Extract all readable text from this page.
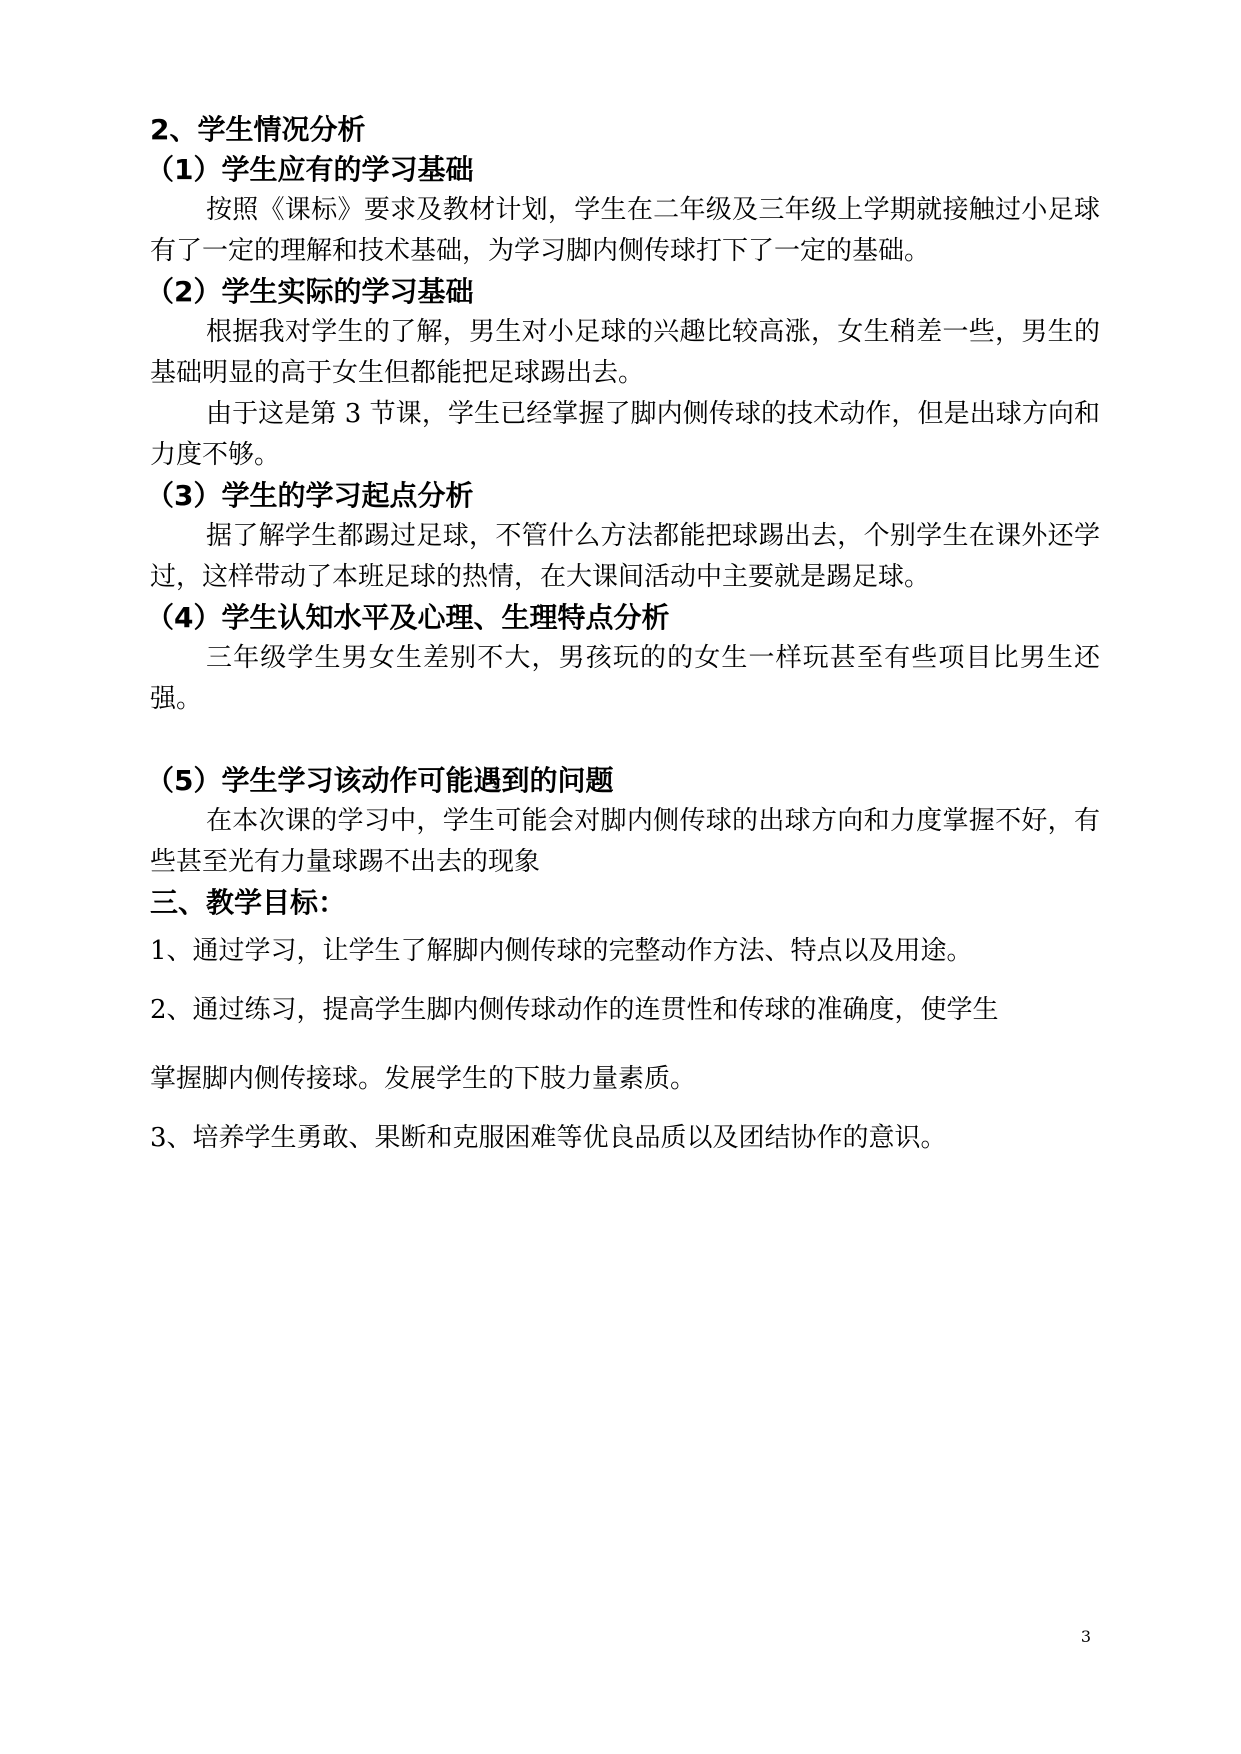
2、学生情况分析

（1）学生应有的学习基础

按照《课标》要求及教材计划，学生在二年级及三年级上学期就接触过小足球有了一定的理解和技术基础，为学习脚内侧传球打下了一定的基础。

（2）学生实际的学习基础

根据我对学生的了解，男生对小足球的兴趣比较高涨，女生稍差一些，男生的基础明显的高于女生但都能把足球踢出去。

由于这是第 3 节课，学生已经掌握了脚内侧传球的技术动作，但是出球方向和力度不够。

（3）学生的学习起点分析

据了解学生都踢过足球，不管什么方法都能把球踢出去，个别学生在课外还学过，这样带动了本班足球的热情，在大课间活动中主要就是踢足球。

（4）学生认知水平及心理、生理特点分析

三年级学生男女生差别不大，男孩玩的的女生一样玩甚至有些项目比男生还强。

（5）学生学习该动作可能遇到的问题

在本次课的学习中，学生可能会对脚内侧传球的出球方向和力度掌握不好，有些甚至光有力量球踢不出去的现象

三、教学目标：

1、通过学习，让学生了解脚内侧传球的完整动作方法、特点以及用途。

2、通过练习，提高学生脚内侧传球动作的连贯性和传球的准确度，使学生

掌握脚内侧传接球。发展学生的下肢力量素质。

3、培养学生勇敢、果断和克服困难等优良品质以及团结协作的意识。

3
